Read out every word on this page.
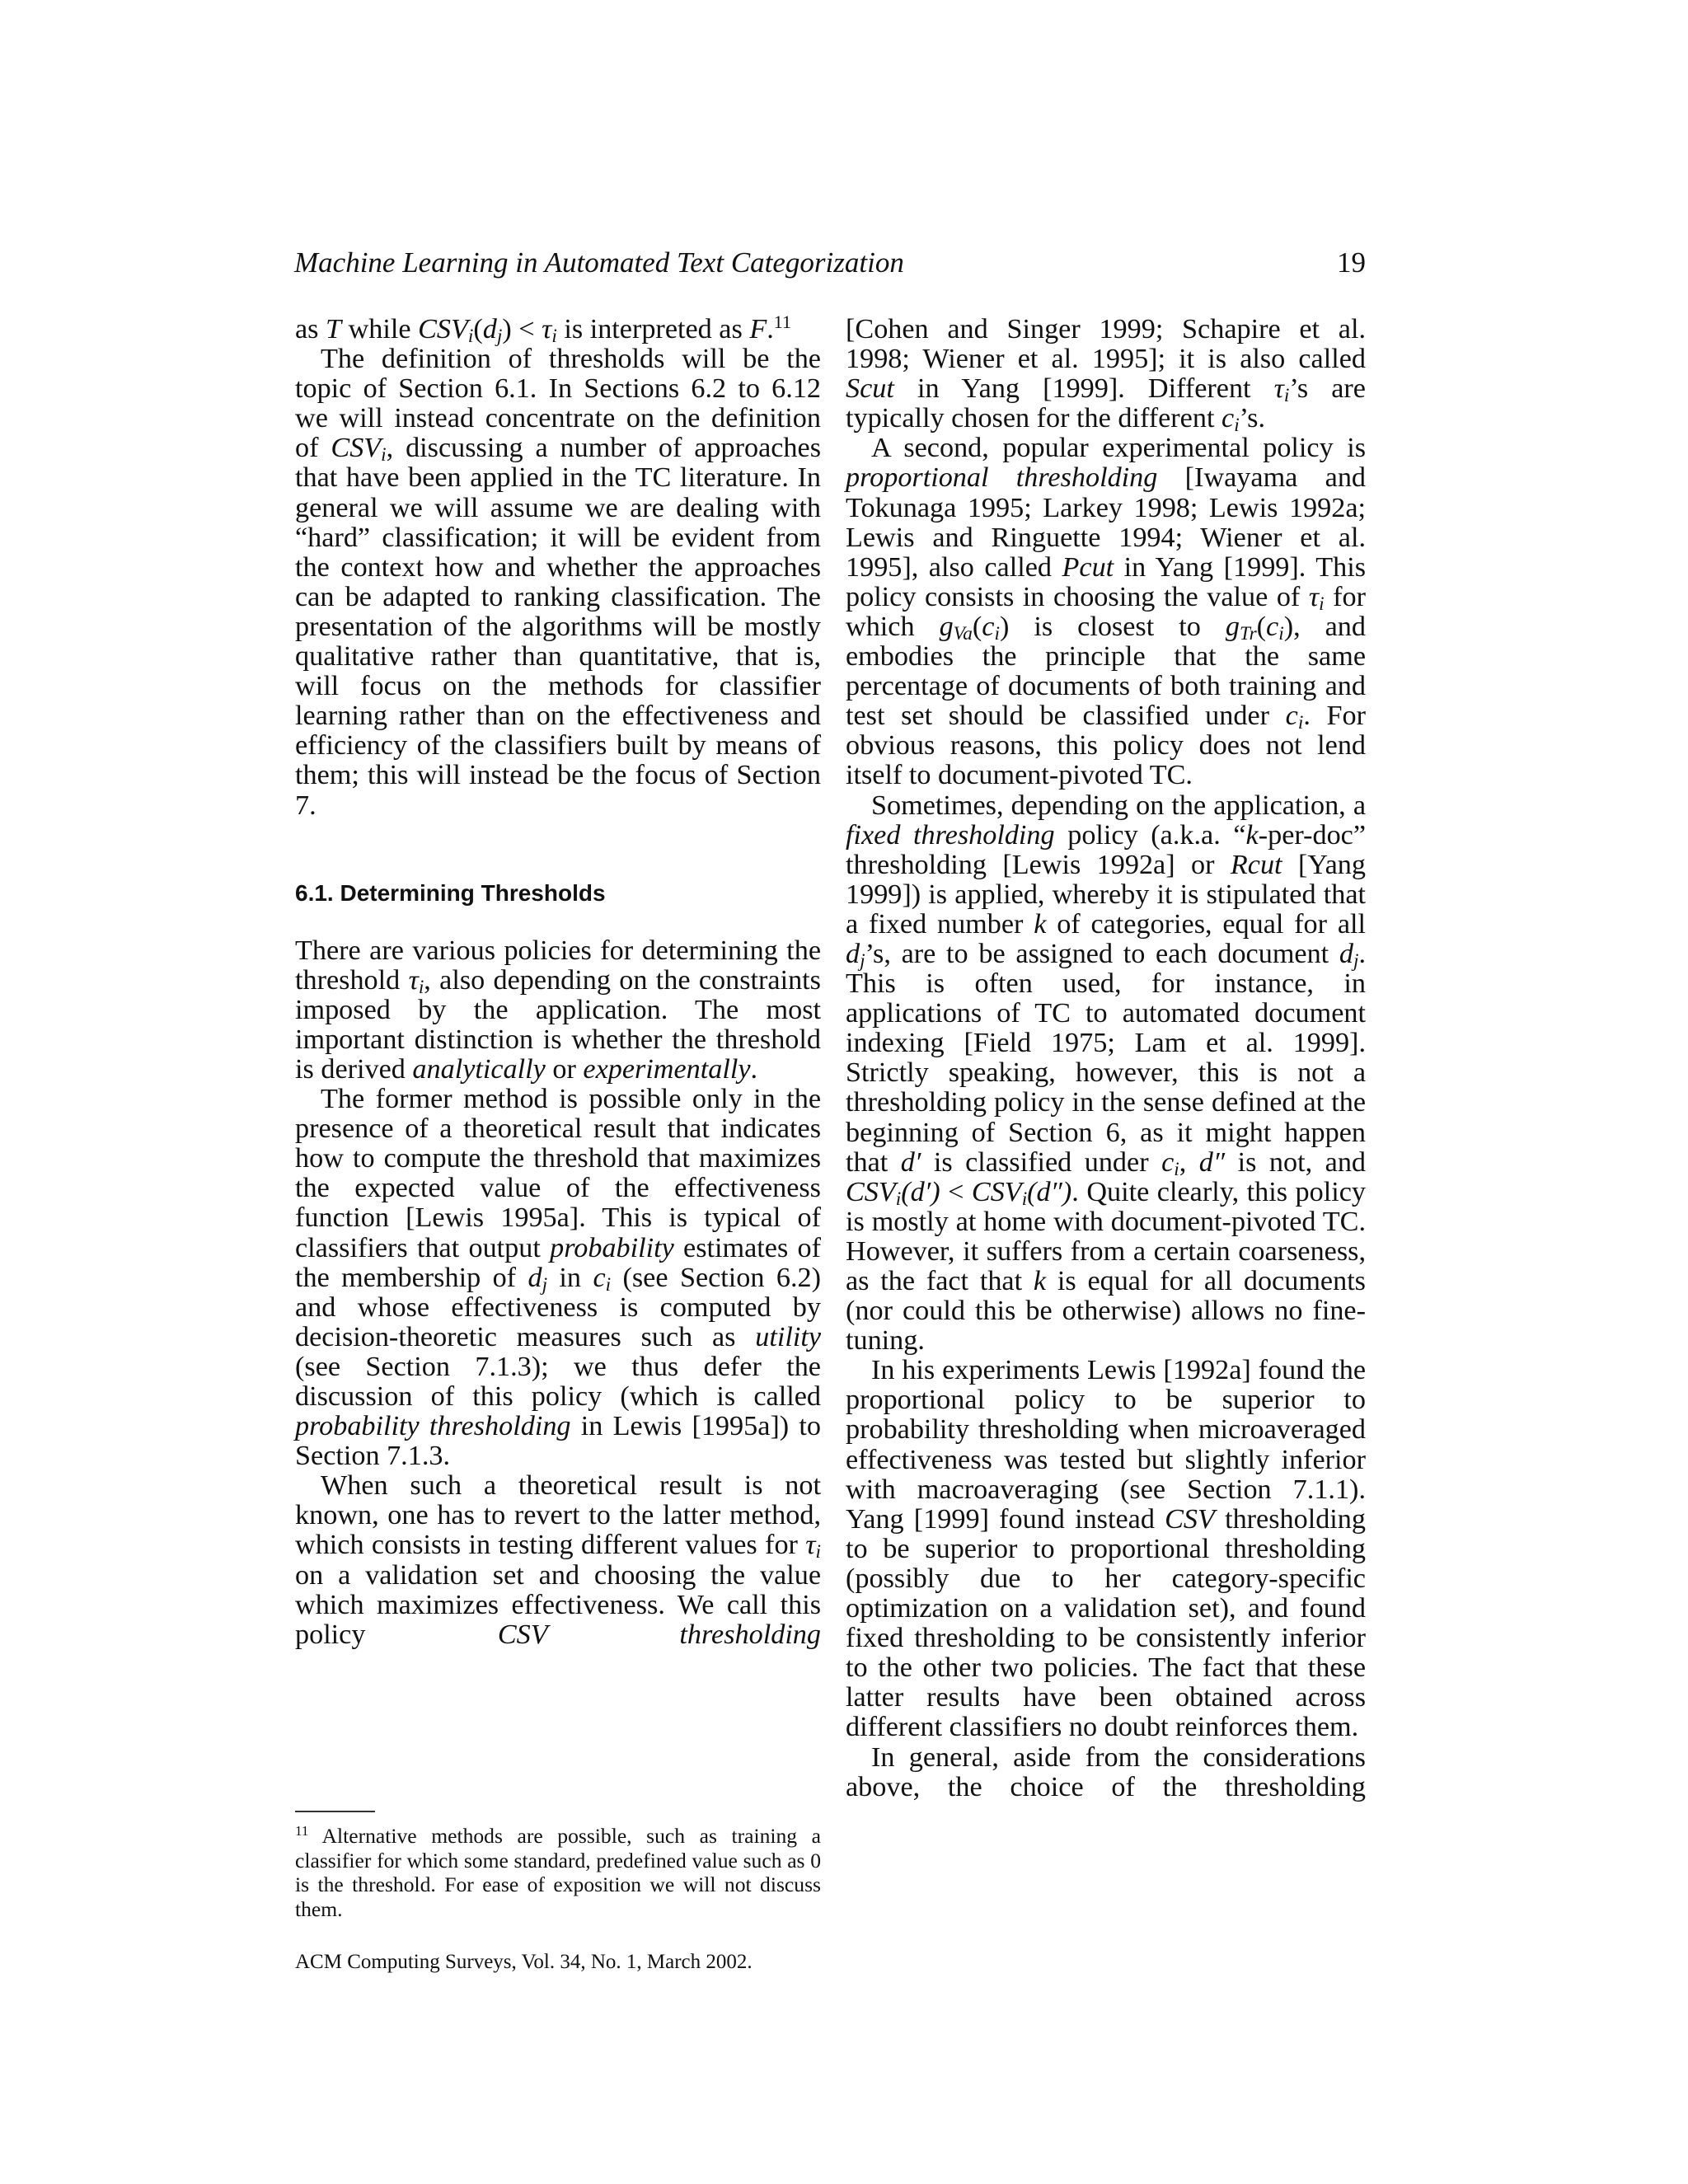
Machine Learning in Automated Text Categorization	19

as T while $CSV_i(d_j) < \tau_i$ is interpreted as F.$^{11}$

The definition of thresholds will be the topic of Section 6.1. In Sections 6.2 to 6.12 we will instead concentrate on the definition of $CSV_i$, discussing a number of approaches that have been applied in the TC literature. In general we will assume we are dealing with “hard” classification; it will be evident from the context how and whether the approaches can be adapted to ranking classification. The presentation of the algorithms will be mostly qualitative rather than quantitative, that is, will focus on the methods for classifier learning rather than on the effectiveness and efficiency of the classifiers built by means of them; this will instead be the focus of Section 7.

6.1. Determining Thresholds

There are various policies for determining the threshold $\tau_i$, also depending on the constraints imposed by the application. The most important distinction is whether the threshold is derived analytically or experimentally.

The former method is possible only in the presence of a theoretical result that indicates how to compute the threshold that maximizes the expected value of the effectiveness function [Lewis 1995a]. This is typical of classifiers that output probability estimates of the membership of $d_j$ in $c_i$ (see Section 6.2) and whose effectiveness is computed by decision-theoretic measures such as utility (see Section 7.1.3); we thus defer the discussion of this policy (which is called probability thresholding in Lewis [1995a]) to Section 7.1.3.

When such a theoretical result is not known, one has to revert to the latter method, which consists in testing different values for $\tau_i$ on a validation set and choosing the value which maximizes effectiveness. We call this policy CSV thresholding

$^{11}$ Alternative methods are possible, such as training a classifier for which some standard, predefined value such as 0 is the threshold. For ease of exposition we will not discuss them.

[Cohen and Singer 1999; Schapire et al. 1998; Wiener et al. 1995]; it is also called Scut in Yang [1999]. Different $\tau_i’s$ are typically chosen for the different $c_i’s$.

A second, popular experimental policy is proportional thresholding [Iwayama and Tokunaga 1995; Larkey 1998; Lewis 1992a; Lewis and Ringuette 1994; Wiener et al. 1995], also called Pcut in Yang [1999]. This policy consists in choosing the value of $\tau_i$ for which $g_{Va}(c_i)$ is closest to $g_{Tr}(c_i)$, and embodies the principle that the same percentage of documents of both training and test set should be classified under $c_i$. For obvious reasons, this policy does not lend itself to document-pivoted TC.

Sometimes, depending on the application, a fixed thresholding policy (a.k.a. “k-per-doc” thresholding [Lewis 1992a] or Rcut [Yang 1999]) is applied, whereby it is stipulated that a fixed number k of categories, equal for all $d_j’s$, are to be assigned to each document $d_j$. This is often used, for instance, in applications of TC to automated document indexing [Field 1975; Lam et al. 1999]. Strictly speaking, however, this is not a thresholding policy in the sense defined at the beginning of Section 6, as it might happen that d′ is classified under $c_i$, d″ is not, and $CSV_i(d') < CSV_i(d'')$. Quite clearly, this policy is mostly at home with document-pivoted TC. However, it suffers from a certain coarseness, as the fact that k is equal for all documents (nor could this be otherwise) allows no fine-tuning.

In his experiments Lewis [1992a] found the proportional policy to be superior to probability thresholding when microaveraged effectiveness was tested but slightly inferior with macroaveraging (see Section 7.1.1). Yang [1999] found instead CSV thresholding to be superior to proportional thresholding (possibly due to her category-specific optimization on a validation set), and found fixed thresholding to be consistently inferior to the other two policies. The fact that these latter results have been obtained across different classifiers no doubt reinforces them.

In general, aside from the considerations above, the choice of the thresholding

ACM Computing Surveys, Vol. 34, No. 1, March 2002.
